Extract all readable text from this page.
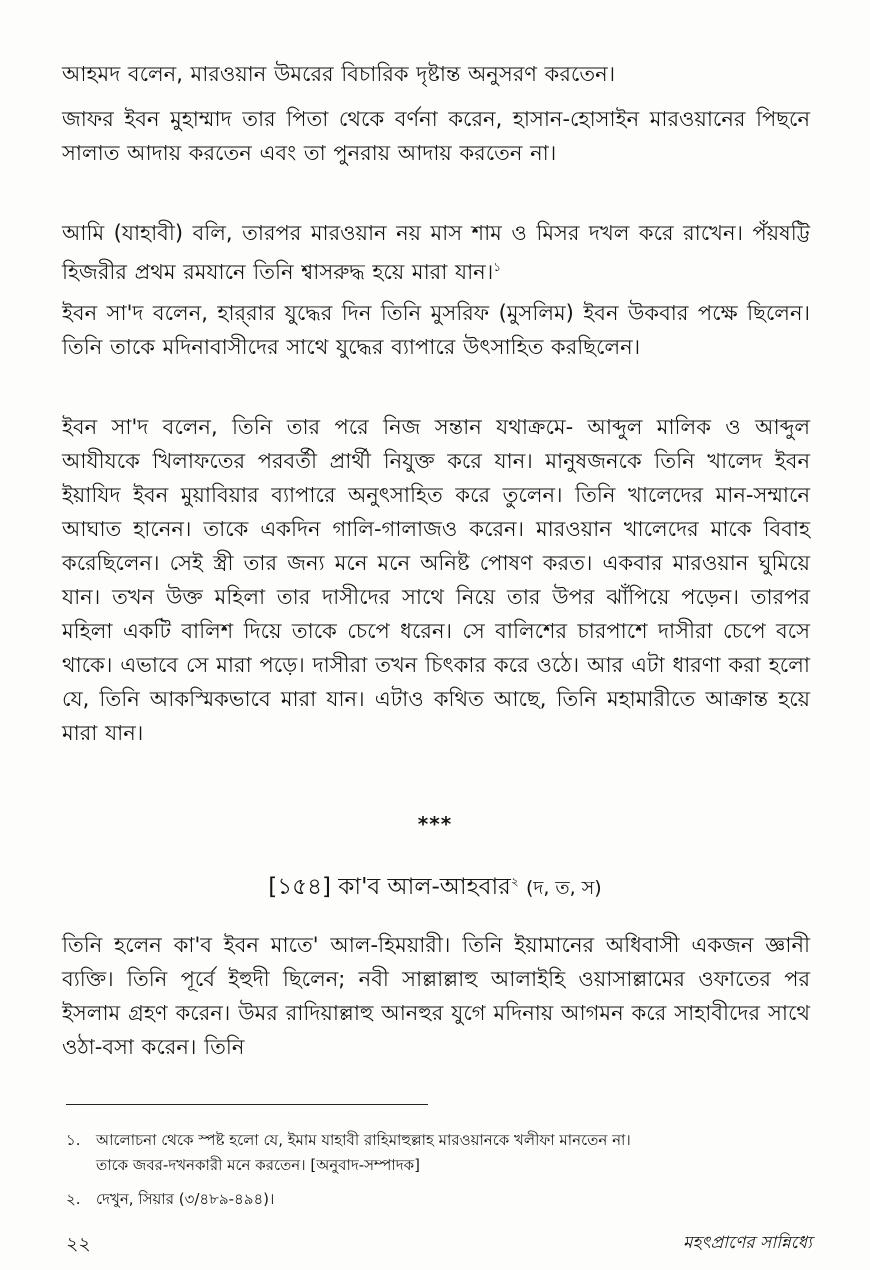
আহমদ বলেন, মারওয়ান উমরের বিচারিক দৃষ্টান্ত অনুসরণ করতেন।

জাফর ইবন মুহাম্মাদ তার পিতা থেকে বর্ণনা করেন, হাসান-হোসাইন মারওয়ানের পিছনে সালাত আদায় করতেন এবং তা পুনরায় আদায় করতেন না।

আমি (যাহাবী) বলি, তারপর মারওয়ান নয় মাস শাম ও মিসর দখল করে রাখেন। পঁয়ষট্টি হিজরীর প্রথম রমযানে তিনি শ্বাসরুদ্ধ হয়ে মারা যান।$^১$

ইবন সা'দ বলেন, হার্‌রার যুদ্ধের দিন তিনি মুসরিফ (মুসলিম) ইবন উকবার পক্ষে ছিলেন। তিনি তাকে মদিনাবাসীদের সাথে যুদ্ধের ব্যাপারে উৎসাহিত করছিলেন।

ইবন সা'দ বলেন, তিনি তার পরে নিজ সন্তান যথাক্রমে- আব্দুল মালিক ও আব্দুল আযীযকে খিলাফতের পরবর্তী প্রার্থী নিযুক্ত করে যান। মানুষজনকে তিনি খালেদ ইবন ইয়াযিদ ইবন মুয়াবিয়ার ব্যাপারে অনুৎসাহিত করে তুলেন। তিনি খালেদের মান-সম্মানে আঘাত হানেন। তাকে একদিন গালি-গালাজও করেন। মারওয়ান খালেদের মাকে বিবাহ করেছিলেন। সেই স্ত্রী তার জন্য মনে মনে অনিষ্ট পোষণ করত। একবার মারওয়ান ঘুমিয়ে যান। তখন উক্ত মহিলা তার দাসীদের সাথে নিয়ে তার উপর ঝাঁপিয়ে পড়েন। তারপর মহিলা একটি বালিশ দিয়ে তাকে চেপে ধরেন। সে বালিশের চারপাশে দাসীরা চেপে বসে থাকে। এভাবে সে মারা পড়ে। দাসীরা তখন চিৎকার করে ওঠে। আর এটা ধারণা করা হলো যে, তিনি আকস্মিকভাবে মারা যান। এটাও কথিত আছে, তিনি মহামারীতে আক্রান্ত হয়ে মারা যান।

***
[১৫৪] কা'ব আল-আহবার$^২$ (দ, ত, স)

তিনি হলেন কা'ব ইবন মাতে' আল-হিময়ারী। তিনি ইয়ামানের অধিবাসী একজন জ্ঞানী ব্যক্তি। তিনি পূর্বে ইহুদী ছিলেন; নবী সাল্লাল্লাহু আলাইহি ওয়াসাল্লামের ওফাতের পর ইসলাম গ্রহণ করেন। উমর রাদিয়াল্লাহু আনহুর যুগে মদিনায় আগমন করে সাহাবীদের সাথে ওঠা-বসা করেন। তিনি

১. আলোচনা থেকে স্পষ্ট হলো যে, ইমাম যাহাবী রাহিমাহুল্লাহ মারওয়ানকে খলীফা মানতেন না।
তাকে জবর-দখনকারী মনে করতেন। [অনুবাদ-সম্পাদক]
২. দেখুন, সিয়ার (৩/৪৮৯-৪৯৪)।
২২	মহৎপ্রাণের সান্নিধ্যে
